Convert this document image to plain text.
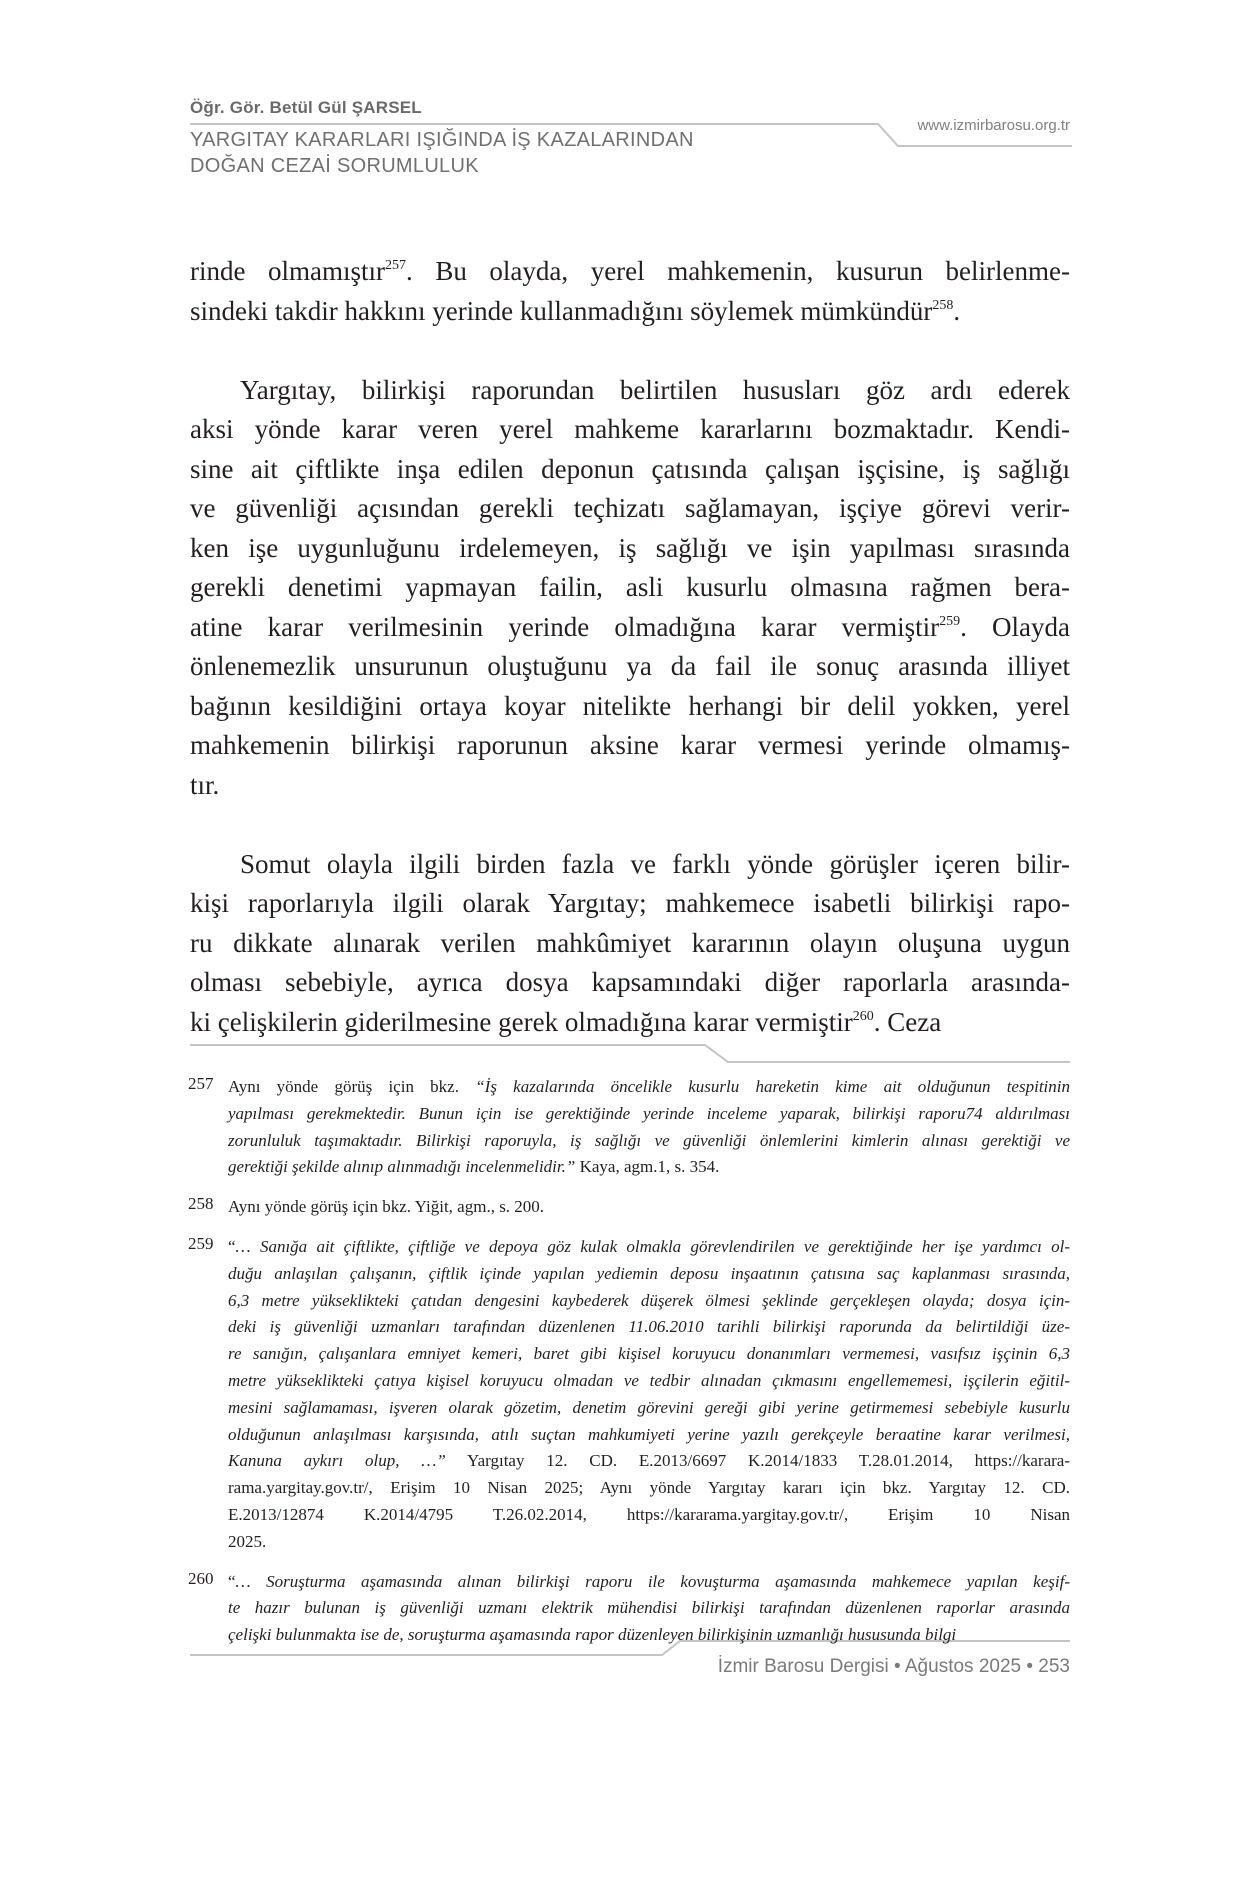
Öğr. Gör. Betül Gül ŞARSEL
YARGITAY KARARLARI IŞIĞINDA İŞ KAZALARINDAN
DOĞAN CEZAİ SORUMLULUK
www.izmirbarosu.org.tr
rinde olmamıştır$^{257}$. Bu olayda, yerel mahkemenin, kusurun belirlenme-
sindeki takdir hakkını yerinde kullanmadığını söylemek mümkündür$^{258}$.
Yargıtay, bilirkişi raporundan belirtilen hususları göz ardı ederek
aksi yönde karar veren yerel mahkeme kararlarını bozmaktadır. Kendi-
sine ait çiftlikte inşa edilen deponun çatısında çalışan işçisine, iş sağlığı
ve güvenliği açısından gerekli teçhizatı sağlamayan, işçiye görevi verir-
ken işe uygunluğunu irdelemeyen, iş sağlığı ve işin yapılması sırasında
gerekli denetimi yapmayan failin, asli kusurlu olmasına rağmen bera-
atine karar verilmesinin yerinde olmadığına karar vermiştir$^{259}$. Olayda
önlenemezlik unsurunun oluştuğunu ya da fail ile sonuç arasında illiyet
bağının kesildiğini ortaya koyar nitelikte herhangi bir delil yokken, yerel
mahkemenin bilirkişi raporunun aksine karar vermesi yerinde olmamış-
tır.
Somut olayla ilgili birden fazla ve farklı yönde görüşler içeren bilir-
kişi raporlarıyla ilgili olarak Yargıtay; mahkemece isabetli bilirkişi rapo-
ru dikkate alınarak verilen mahkûmiyet kararının olayın oluşuna uygun
olması sebebiyle, ayrıca dosya kapsamındaki diğer raporlarla arasında-
ki çelişkilerin giderilmesine gerek olmadığına karar vermiştir$^{260}$. Ceza
257 Aynı yönde görüş için bkz. “İş kazalarında öncelikle kusurlu hareketin kime ait olduğunun tespitinin
yapılması gerekmektedir. Bunun için ise gerektiğinde yerinde inceleme yaparak, bilirkişi raporu74 aldırılması
zorunluluk taşımaktadır. Bilirkişi raporuyla, iş sağlığı ve güvenliği önlemlerini kimlerin alınası gerektiği ve
gerektiği şekilde alınıp alınmadığı incelenmelidir.” Kaya, agm.1, s. 354.
258 Aynı yönde görüş için bkz. Yiğit, agm., s. 200.
259 “… Sanığa ait çiftlikte, çiftliğe ve depoya göz kulak olmakla görevlendirilen ve gerektiğinde her işe yardımcı ol-
duğu anlaşılan çalışanın, çiftlik içinde yapılan yediemin deposu inşaatının çatısına saç kaplanması sırasında,
6,3 metre yükseklikteki çatıdan dengesini kaybederek düşerek ölmesi şeklinde gerçekleşen olayda; dosya için-
deki iş güvenliği uzmanları tarafından düzenlenen 11.06.2010 tarihli bilirkişi raporunda da belirtildiği üze-
re sanığın, çalışanlara emniyet kemeri, baret gibi kişisel koruyucu donanımları vermemesi, vasıfsız işçinin 6,3
metre yükseklikteki çatıya kişisel koruyucu olmadan ve tedbir alınadan çıkmasını engellememesi, işçilerin eğitil-
mesini sağlamaması, işveren olarak gözetim, denetim görevini gereği gibi yerine getirmemesi sebebiyle kusurlu
olduğunun anlaşılması karşısında, atılı suçtan mahkumiyeti yerine yazılı gerekçeyle beraatine karar verilmesi,
Kanuna aykırı olup, …” Yargıtay 12. CD. E.2013/6697 K.2014/1833 T.28.01.2014, https://karara-
rama.yargitay.gov.tr/, Erişim 10 Nisan 2025; Aynı yönde Yargıtay kararı için bkz. Yargıtay 12. CD.
E.2013/12874 K.2014/4795 T.26.02.2014, https://kararama.yargitay.gov.tr/, Erişim 10 Nisan
2025.
260 “… Soruşturma aşamasında alınan bilirkişi raporu ile kovuşturma aşamasında mahkemece yapılan keşif-
te hazır bulunan iş güvenliği uzmanı elektrik mühendisi bilirkişi tarafından düzenlenen raporlar arasında
çelişki bulunmakta ise de, soruşturma aşamasında rapor düzenleyen bilirkişinin uzmanlığı hususunda bilgi
İzmir Barosu Dergisi • Ağustos 2025 • 253
